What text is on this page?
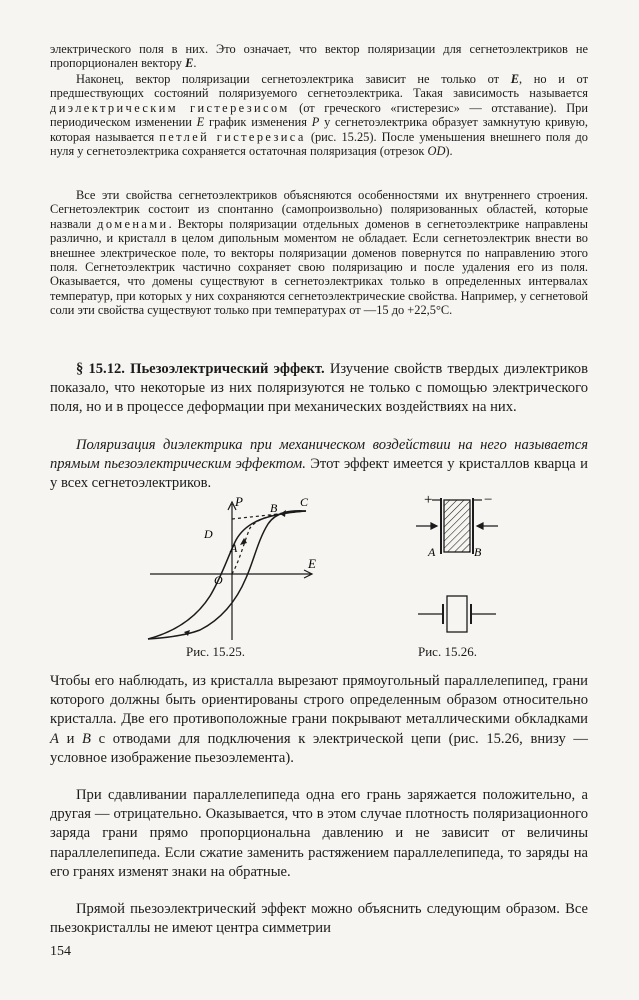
электрического поля в них. Это означает, что вектор поляризации для сегнетоэлектриков не пропорционален вектору E.

Наконец, вектор поляризации сегнетоэлектрика зависит не только от E, но и от предшествующих состояний поляризуемого сегнетоэлектрика. Такая зависимость называется диэлектрическим гистерезисом (от греческого «гистерезис» — отставание). При периодическом изменении E график изменения P у сегнетоэлектрика образует замкнутую кривую, которая называется петлей гистерезиса (рис. 15.25). После уменьшения внешнего поля до нуля у сегнетоэлектрика сохраняется остаточная поляризация (отрезок OD).

Все эти свойства сегнетоэлектриков объясняются особенностями их внутреннего строения. Сегнетоэлектрик состоит из спонтанно (самопроизвольно) поляризованных областей, которые назвали доменами. Векторы поляризации отдельных доменов в сегнетоэлектрике направлены различно, и кристалл в целом дипольным моментом не обладает. Если сегнетоэлектрик внести во внешнее электрическое поле, то векторы поляризации доменов повернутся по направлению этого поля. Сегнетоэлектрик частично сохраняет свою поляризацию и после удаления его из поля. Оказывается, что домены существуют в сегнетоэлектриках только в определенных интервалах температур, при которых у них сохраняются сегнетоэлектрические свойства. Например, у сегнетовой соли эти свойства существуют только при температурах от —15 до +22,5°С.

§ 15.12. Пьезоэлектрический эффект. Изучение свойств твердых диэлектриков показало, что некоторые из них поляризуются не только с помощью электрического поля, но и в процессе деформации при механических воздействиях на них.

Поляризация диэлектрика при механическом воздействии на него называется прямым пьезоэлектрическим эффектом. Этот эффект имеется у кристаллов кварца и у всех сегнетоэлектриков.

P
E
B C
D
A
O
Рис. 15.25.
+	−
A	B
Рис. 15.26.

Чтобы его наблюдать, из кристалла вырезают прямоугольный параллелепипед, грани которого должны быть ориентированы строго определенным образом относительно кристалла. Две его противоположные грани покрывают металлическими обкладками A и B с отводами для подключения к электрической цепи (рис. 15.26, внизу — условное изображение пьезоэлемента).

При сдавливании параллелепипеда одна его грань заряжается положительно, а другая — отрицательно. Оказывается, что в этом случае плотность поляризационного заряда грани прямо пропорциональна давлению и не зависит от величины параллелепипеда. Если сжатие заменить растяжением параллелепипеда, то заряды на его гранях изменят знаки на обратные.

Прямой пьезоэлектрический эффект можно объяснить следующим образом. Все пьезокристаллы не имеют центра симметрии

154
